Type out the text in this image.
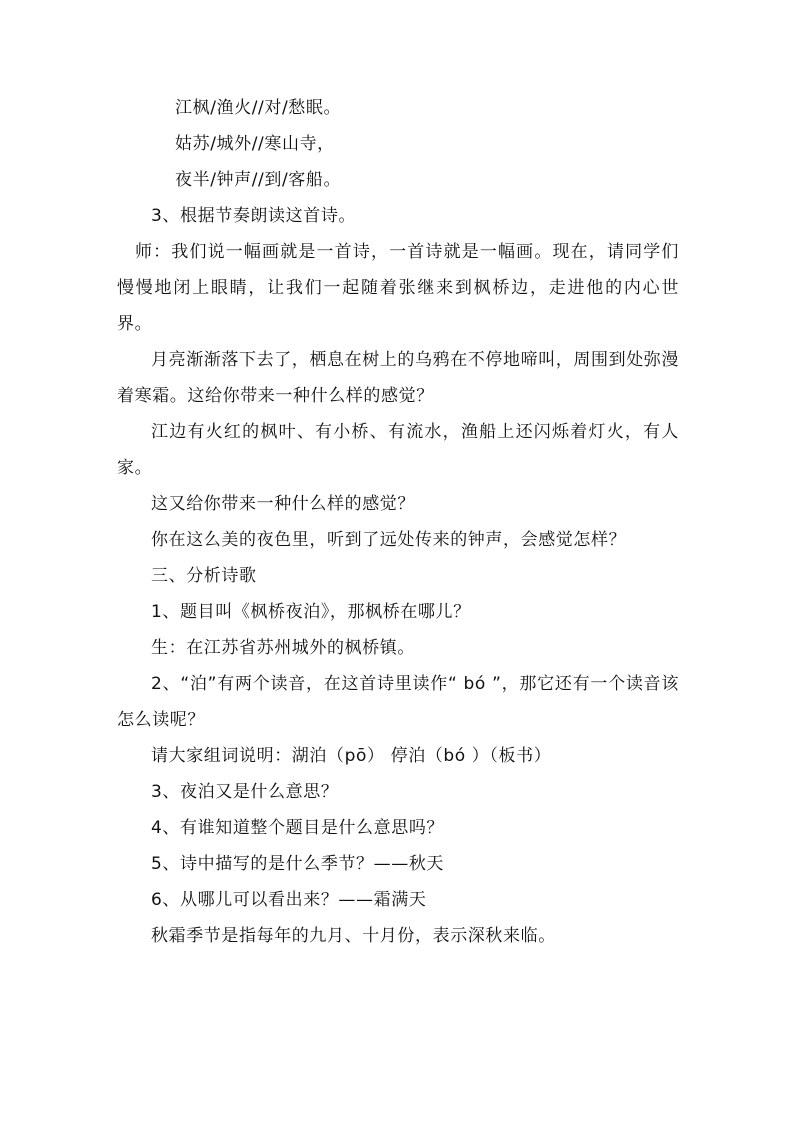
江枫/渔火//对/愁眠。
姑苏/城外//寒山寺，
夜半/钟声//到/客船。
3、根据节奏朗读这首诗。
师：我们说一幅画就是一首诗，一首诗就是一幅画。现在，请同学们慢慢地闭上眼睛，让我们一起随着张继来到枫桥边，走进他的内心世界。
月亮渐渐落下去了，栖息在树上的乌鸦在不停地啼叫，周围到处弥漫着寒霜。这给你带来一种什么样的感觉？
江边有火红的枫叶、有小桥、有流水，渔船上还闪烁着灯火，有人家。
这又给你带来一种什么样的感觉？
你在这么美的夜色里，听到了远处传来的钟声，会感觉怎样？
三、分析诗歌
1、题目叫《枫桥夜泊》，那枫桥在哪儿？
生：在江苏省苏州城外的枫桥镇。
2、“泊”有两个读音，在这首诗里读作“ bó ”，那它还有一个读音该怎么读呢？
请大家组词说明：湖泊（pō） 停泊（bó ）（板书）
3、夜泊又是什么意思？
4、有谁知道整个题目是什么意思吗？
5、诗中描写的是什么季节？——秋天
6、从哪儿可以看出来？——霜满天
秋霜季节是指每年的九月、十月份，表示深秋来临。
